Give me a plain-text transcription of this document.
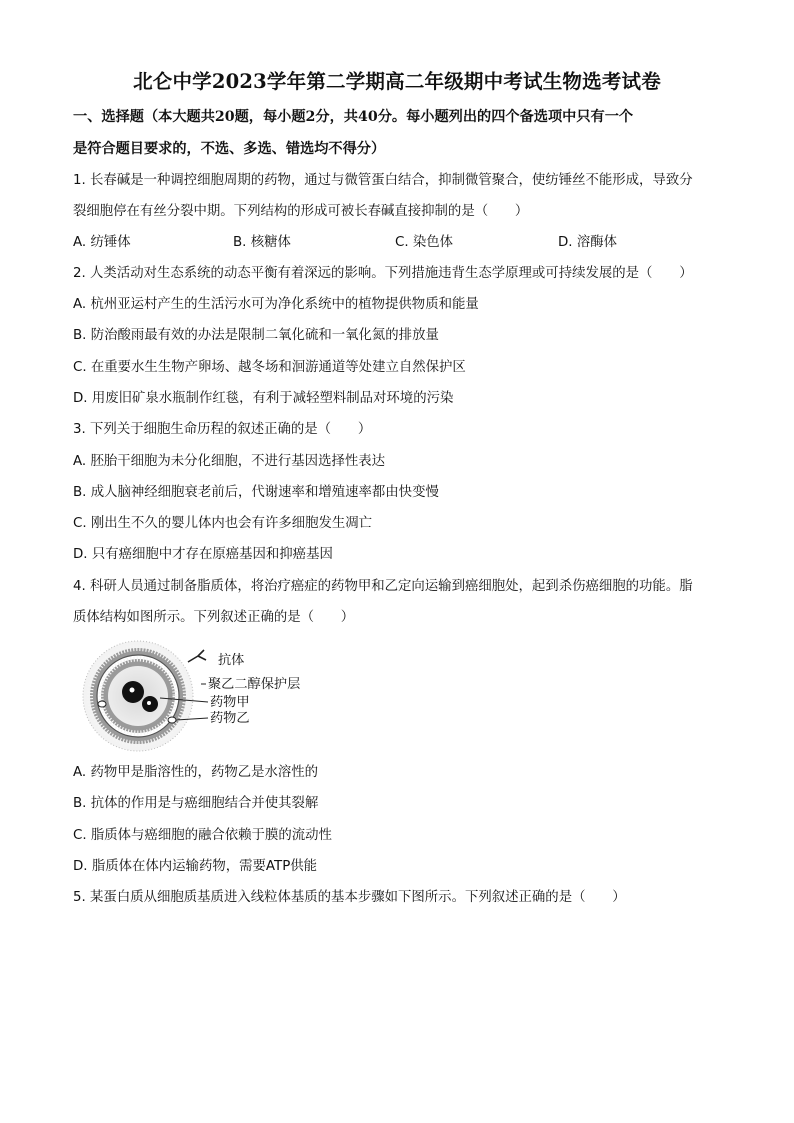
北仑中学2023学年第二学期高二年级期中考试生物选考试卷
一、选择题（本大题共20题，每小题2分，共40分。每小题列出的四个备选项中只有一个
是符合题目要求的，不选、多选、错选均不得分）
1. 长春碱是一种调控细胞周期的药物，通过与微管蛋白结合，抑制微管聚合，使纺锤丝不能形成，导致分
裂细胞停在有丝分裂中期。下列结构的形成可被长春碱直接抑制的是（　　）
A. 纺锤体	B. 核糖体	C. 染色体	D. 溶酶体
2. 人类活动对生态系统的动态平衡有着深远的影响。下列措施违背生态学原理或可持续发展的是（　　）
A. 杭州亚运村产生的生活污水可为净化系统中的植物提供物质和能量
B. 防治酸雨最有效的办法是限制二氧化硫和一氧化氮的排放量
C. 在重要水生生物产卵场、越冬场和洄游通道等处建立自然保护区
D. 用废旧矿泉水瓶制作红毯，有利于减轻塑料制品对环境的污染
3. 下列关于细胞生命历程的叙述正确的是（　　）
A. 胚胎干细胞为未分化细胞，不进行基因选择性表达
B. 成人脑神经细胞衰老前后，代谢速率和增殖速率都由快变慢
C. 刚出生不久的婴儿体内也会有许多细胞发生凋亡
D. 只有癌细胞中才存在原癌基因和抑癌基因
4. 科研人员通过制备脂质体，将治疗癌症的药物甲和乙定向运输到癌细胞处，起到杀伤癌细胞的功能。脂
质体结构如图所示。下列叙述正确的是（　　）
抗体
聚乙二醇保护层
药物甲
药物乙
A. 药物甲是脂溶性的，药物乙是水溶性的
B. 抗体的作用是与癌细胞结合并使其裂解
C. 脂质体与癌细胞的融合依赖于膜的流动性
D. 脂质体在体内运输药物，需要ATP供能
5. 某蛋白质从细胞质基质进入线粒体基质的基本步骤如下图所示。下列叙述正确的是（　　）
